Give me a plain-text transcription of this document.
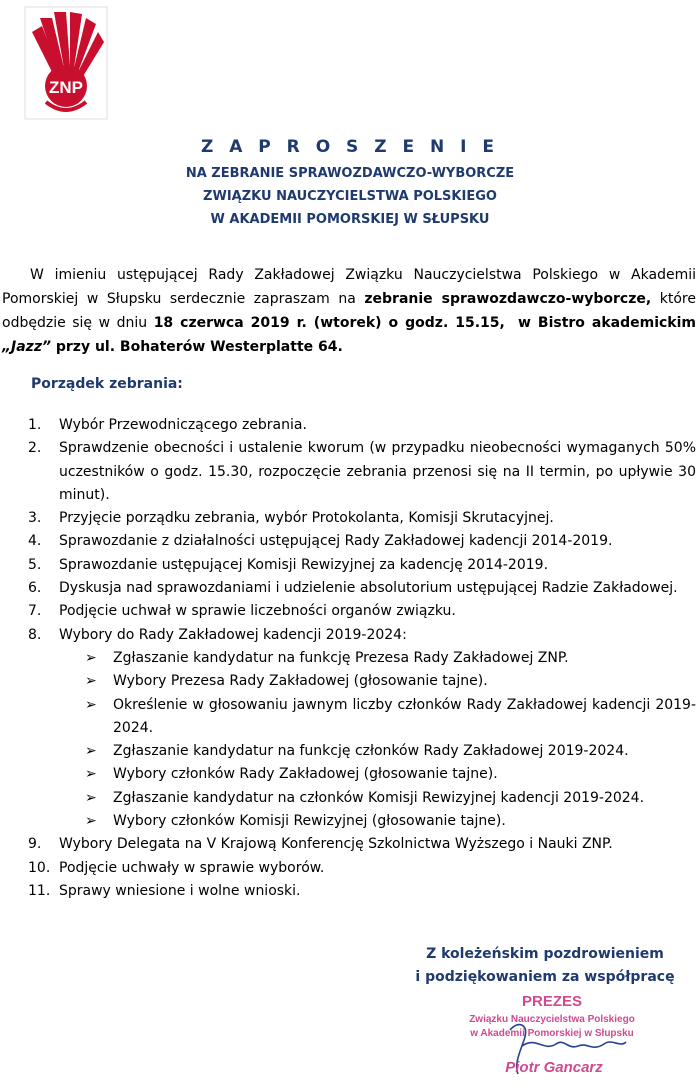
ZNP
Z A P R O S Z E N I E
NA ZEBRANIE SPRAWOZDAWCZO-WYBORCZE
ZWIĄZKU NAUCZYCIELSTWA POLSKIEGO
W AKADEMII POMORSKIEJ W SŁUPSKU
W imieniu ustępującej Rady Zakładowej Związku Nauczycielstwa Polskiego w Akademii Pomorskiej w Słupsku serdecznie zapraszam na zebranie sprawozdawczo-wyborcze, które odbędzie się w dniu 18 czerwca 2019 r. (wtorek) o godz. 15.15, w Bistro akademickim „Jazz” przy ul. Bohaterów Westerplatte 64.
Porządek zebrania:
1. Wybór Przewodniczącego zebrania.
2. Sprawdzenie obecności i ustalenie kworum (w przypadku nieobecności wymaganych 50% uczestników o godz. 15.30, rozpoczęcie zebrania przenosi się na II termin, po upływie 30 minut).
3. Przyjęcie porządku zebrania, wybór Protokolanta, Komisji Skrutacyjnej.
4. Sprawozdanie z działalności ustępującej Rady Zakładowej kadencji 2014-2019.
5. Sprawozdanie ustępującej Komisji Rewizyjnej za kadencję 2014-2019.
6. Dyskusja nad sprawozdaniami i udzielenie absolutorium ustępującej Radzie Zakładowej.
7. Podjęcie uchwał w sprawie liczebności organów związku.
8. Wybory do Rady Zakładowej kadencji 2019-2024:
➢ Zgłaszanie kandydatur na funkcję Prezesa Rady Zakładowej ZNP.
➢ Wybory Prezesa Rady Zakładowej (głosowanie tajne).
➢ Określenie w głosowaniu jawnym liczby członków Rady Zakładowej kadencji 2019-2024.
➢ Zgłaszanie kandydatur na funkcję członków Rady Zakładowej 2019-2024.
➢ Wybory członków Rady Zakładowej (głosowanie tajne).
➢ Zgłaszanie kandydatur na członków Komisji Rewizyjnej kadencji 2019-2024.
➢ Wybory członków Komisji Rewizyjnej (głosowanie tajne).
9. Wybory Delegata na V Krajową Konferencję Szkolnictwa Wyższego i Nauki ZNP.
10. Podjęcie uchwały w sprawie wyborów.
11. Sprawy wniesione i wolne wnioski.
Z koleżeńskim pozdrowieniem
i podziękowaniem za współpracę
PREZES
Związku Nauczycielstwa Polskiego
w Akademii Pomorskiej w Słupsku
Piotr Gancarz
